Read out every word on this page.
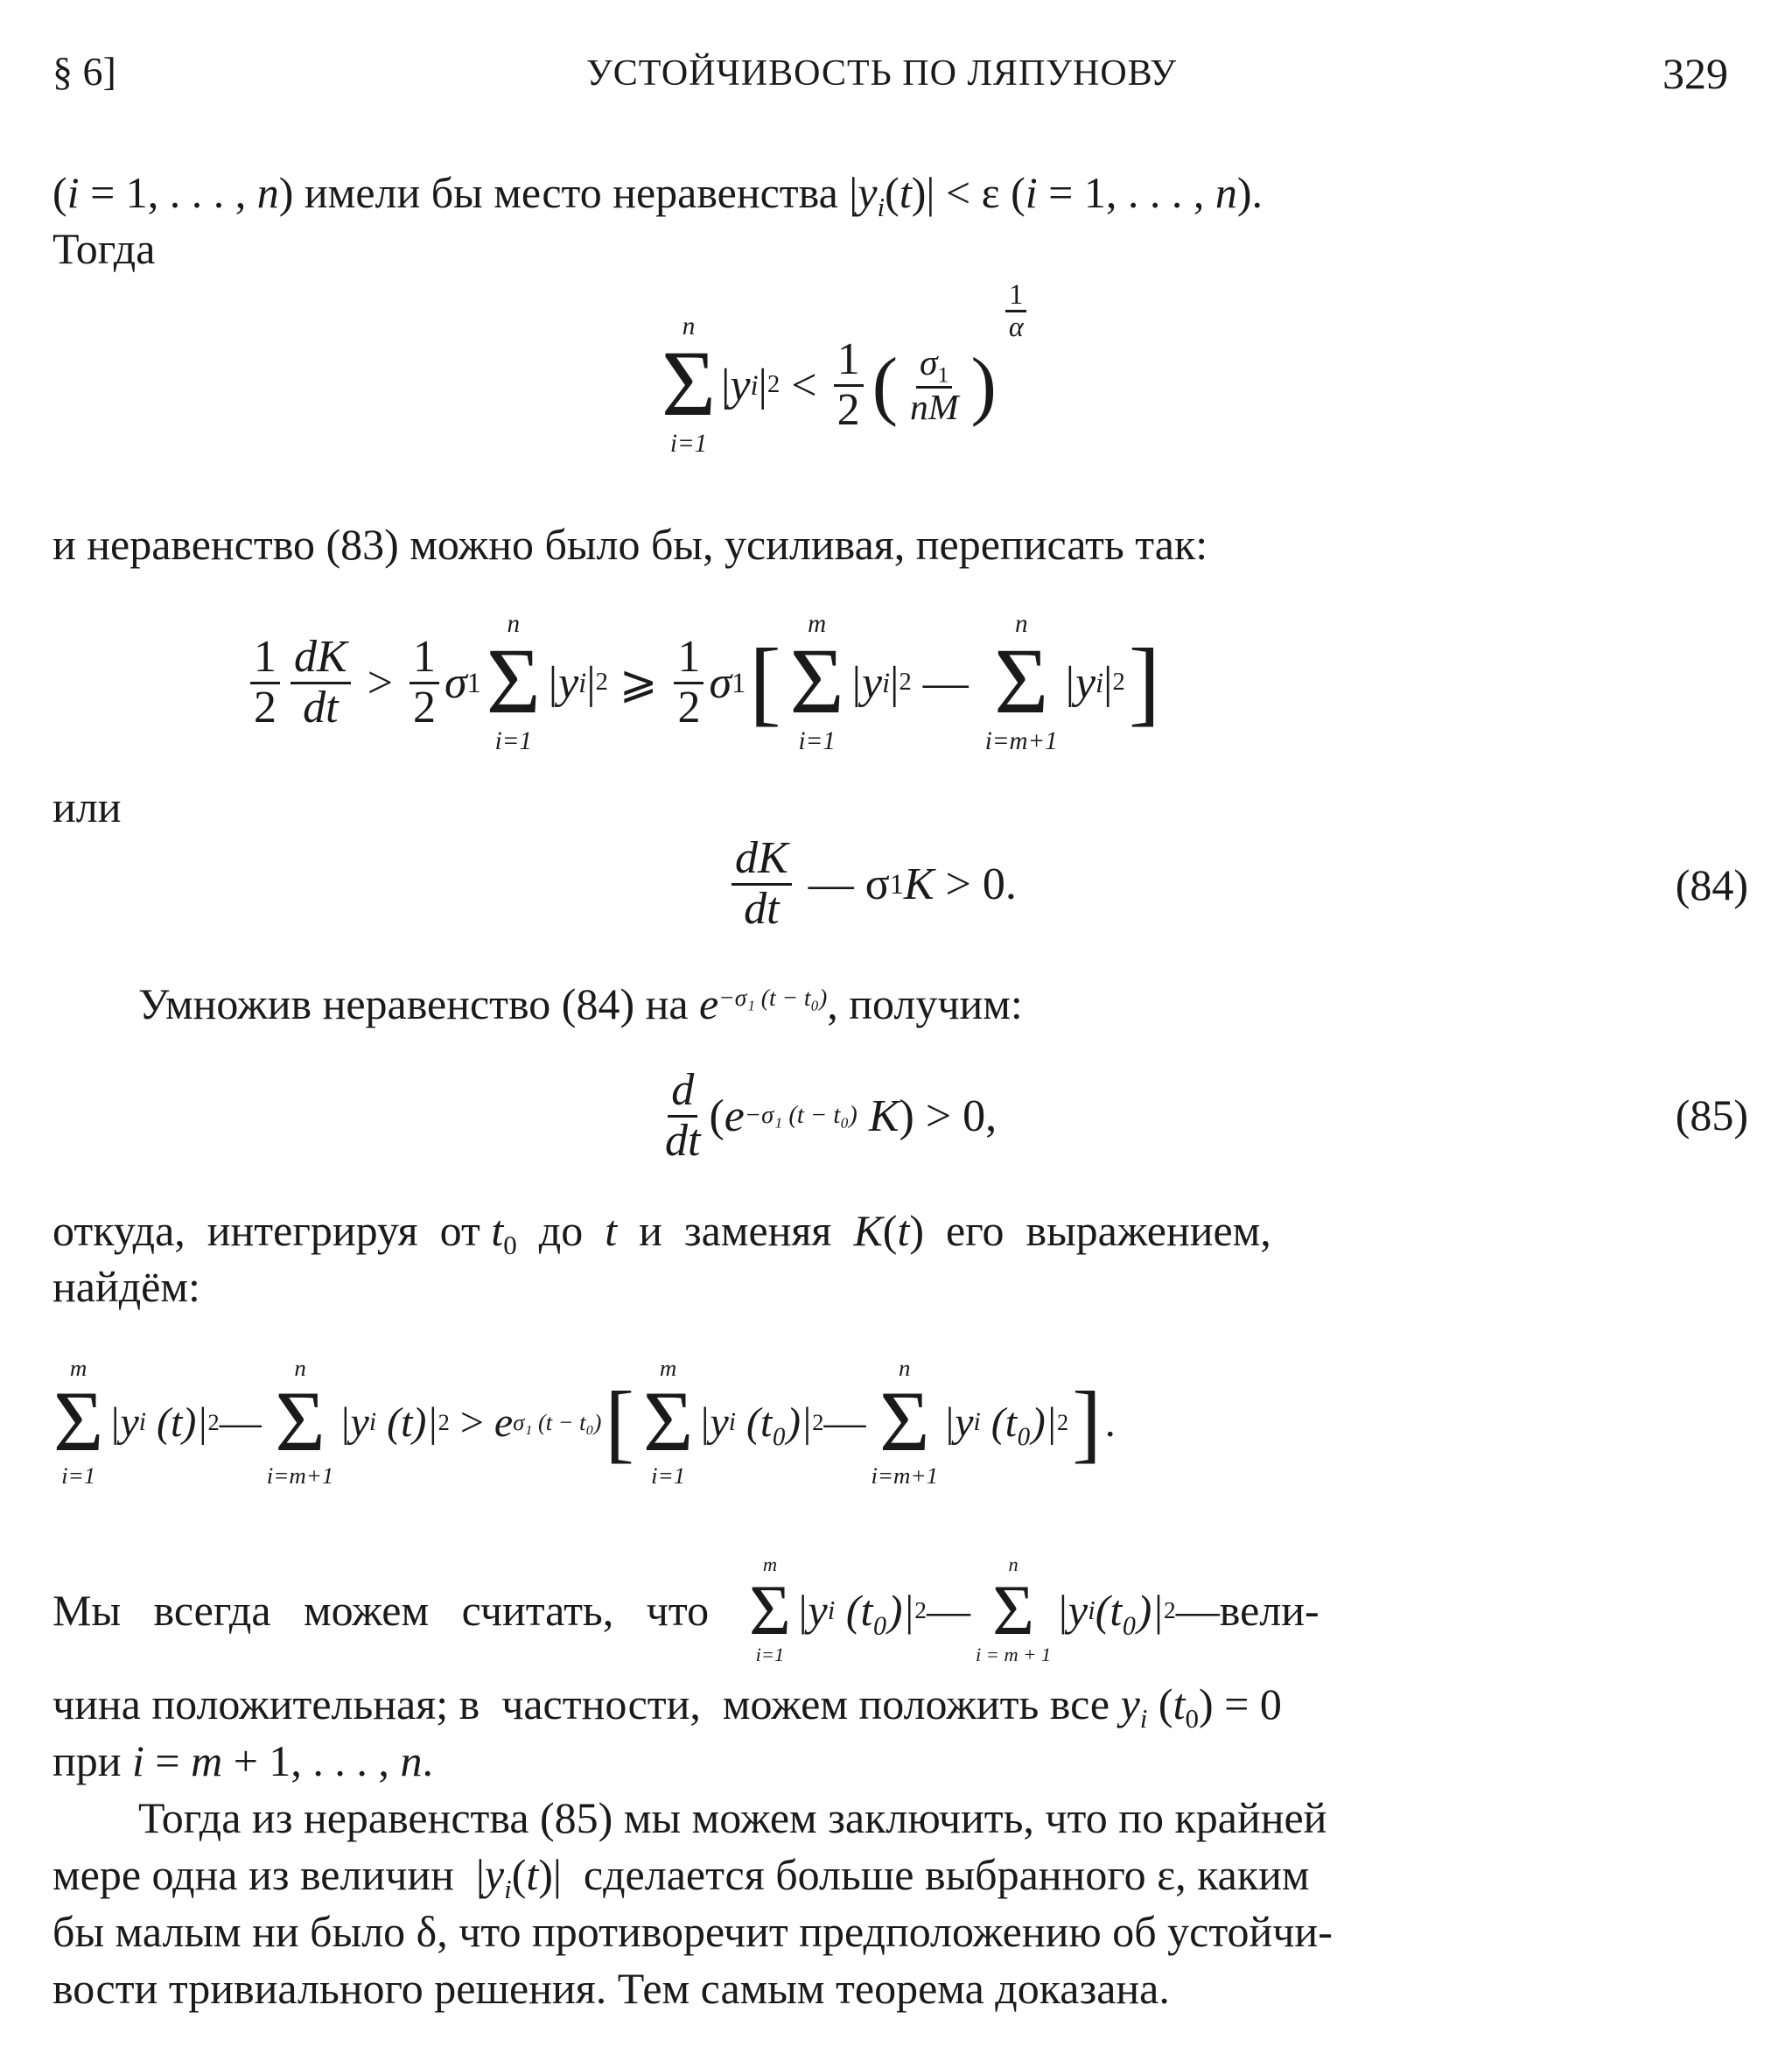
§ 6]	УСТОЙЧИВОСТЬ ПО ЛЯПУНОВУ	329
(i = 1, . . . , n) имели бы место неравенства $|y_i(t)| < \varepsilon$ (i = 1, . . . , n).
Тогда
n
Σ
i=1
| y i | $2 < \frac{1}{2}$ ( $\frac{\sigma_1}{nM}$ )
$\frac{1}{\alpha}$
и неравенство (83) можно было бы, усиливая, переписать так:
$\frac{1}{2} \frac{dK}{dt} > \frac{1}{2}$ σ 1
n
Σ
i=1
|y i | 2 ⩾ $\frac{1}{2}$ σ 1 [
m
Σ
i=1
|y i | 2 —
n
Σ
i=m+1
|y i | 2 ]
или
$\frac{dK}{dt}$ — σ 1 K > 0.	(84)
Умножив неравенство (84) на $e^{-\sigma_1 (t - t_0)}$, получим:
$\frac{d}{dt}$ ( e −σ₁ (t − t₀) K ) > 0,	(85)
откуда,  интегрируя  от $t_0$  до  t  и  заменяя  K(t)  его  выражением,
найдём:
m
Σ
i=1
|y i (t)| 2 —
n
Σ
i=m+1
|y i (t)| 2 > e σ₁ (t − t₀) [
m
Σ
i=1
|y i (t₀)| 2 —
n
Σ
i=m+1
|y i (t₀)| 2 ] .
Мы   всегда   можем   считать,   что
m
Σ
i=1
|y i (t₀)| 2 —
n
Σ
i = m + 1
|y i (t₀)| 2 —вели-
чина положительная; в  частности,  можем положить все $y_i$ $(t_0) = 0$
при i = m + 1, . . . , n.
Тогда из неравенства (85) мы можем заключить, что по крайней
мере одна из величин  $|y_i(t)|$  сделается больше выбранного ε, каким
бы малым ни было δ, что противоречит предположению об устойчи-
вости тривиального решения. Тем самым теорема доказана.
